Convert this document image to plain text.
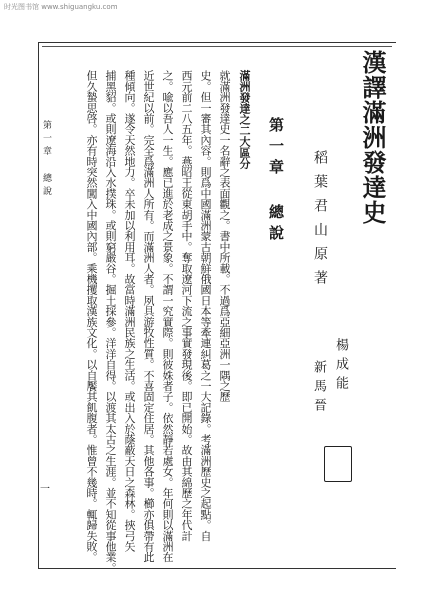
时光图书馆 www.shiguangku.com
漢譯滿洲發達史
稻葉君山原著
楊成能
新馬晉
第一章 總說
滿洲發達之二大區分
就滿洲發達史一名辭之表面觀之。書中所載。不過爲亞細亞洲一隅之歷
史。但一審其內容。則爲中國滿洲蒙古朝鮮俄國日本等牽連糾葛之一大記錄。考滿洲歷史之起點。自
西元前二八五年。燕昭王從東胡手中。奪取遼河下流之事實發現後。即已開始。故由其綿歷之年代計
之。喩以吾人一生。應已進於老成之景象。不謂一究實際。則彼姝者子。依然靜若處女。年何則以滿洲在
近世紀以前。完全爲滿洲人所有。而滿洲人者。夙具游牧性質。不喜固定住居。其他各事。櫛亦俱帶有此
種傾向。遂令天然地力。卒未加以利用耳。故當時滿洲民族之生活。或出入於蔭蔽天日之森林。挾弓矢
捕黑貂。或則遼海沿入水撲珠。或則窮嚴谷。掘土採參。洋洋自得。以渡其太古之生涯。並不知從事他業。
但久蟄思啓。亦有時突然闖入中國內部。乘機攫取漢族文化。以自饜其飢腹者。惟曾不幾時。輒歸失敗。
第一章 總說
一
